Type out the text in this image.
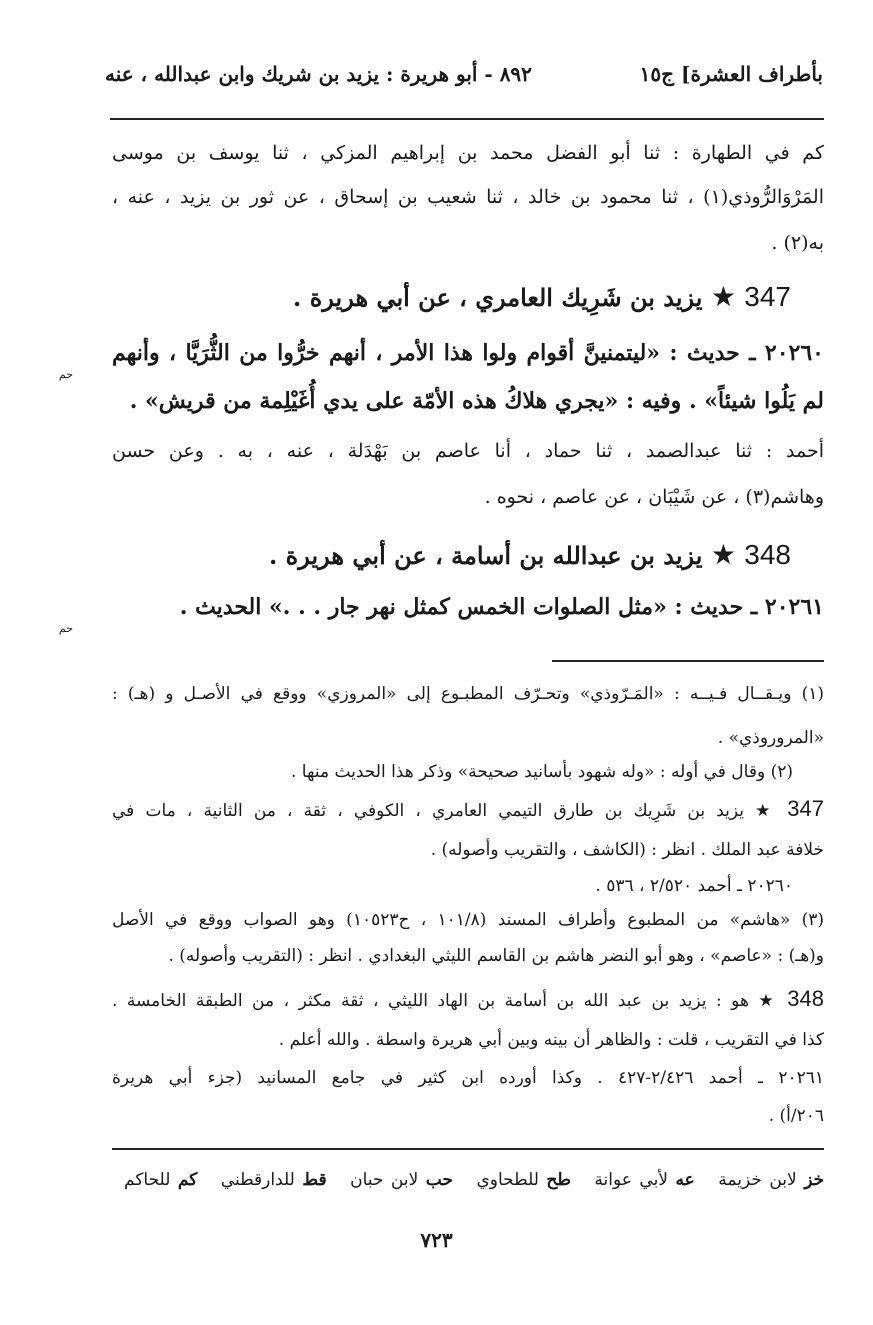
بأطراف العشرة] ج١٥
٨٩٢ - أبو هريرة : يزيد بن شريك وابن عبدالله ، عنه
كم في الطهارة : ثنا أبو الفضل محمد بن إبراهيم المزكي ، ثنا يوسف بن موسى
المَرْوَالرُّوذي(١) ، ثنا محمود بن خالد ، ثنا شعيب بن إسحاق ، عن ثور بن يزيد ، عنه ،
به(٢) .
347 ★ يزيد بن شَرِيك العامري ، عن أبي هريرة .
٢٠٢٦٠ ـ حديث : «ليتمنينَّ أقوام ولوا هذا الأمر ، أنهم خرُّوا من الثُّرَيَّا ، وأنهم
حم
لم يَلُوا شيئاً» . وفيه : «يجري هلاكُ هذه الأمّة على يدي أُغَيْلِمة من قريش» .
أحمد : ثنا عبدالصمد ، ثنا حماد ، أنا عاصم بن بَهْدَلة ، عنه ، به . وعن حسن
وهاشم(٣) ، عن شَيْبَان ، عن عاصم ، نحوه .
348 ★ يزيد بن عبدالله بن أسامة ، عن أبي هريرة .
٢٠٢٦١ ـ حديث : «مثل الصلوات الخمس كمثل نهر جار . . .» الحديث .
حم
(١) ويـقــال فـيــه : «المَـرّوذي» وتحـرّف المطبـوع إلى «المروزي» ووقع في الأصـل و (هـ) :
«المروروذي» .
(٢) وقال في أوله : «وله شهود بأسانيد صحيحة» وذكر هذا الحديث منها .
347 ★ يزيد بن شَرِيك بن طارق التيمي العامري ، الكوفي ، ثقة ، من الثانية ، مات في
خلافة عبد الملك . انظر : (الكاشف ، والتقريب وأصوله) .
٢٠٢٦٠ ـ أحمد ٢/٥٢٠ ، ٥٣٦ .
(٣) «هاشم» من المطبوع وأطراف المسند (١٠١/٨ ، ح١٠٥٢٣) وهو الصواب ووقع في الأصل
و(هـ) : «عاصم» ، وهو أبو النضر هاشم بن القاسم الليثي البغدادي . انظر : (التقريب وأصوله) .
348 ★ هو : يزيد بن عبد الله بن أسامة بن الهاد الليثي ، ثقة مكثر ، من الطبقة الخامسة .
كذا في التقريب ، قلت : والظاهر أن بينه وبين أبي هريرة واسطة . والله أعلم .
٢٠٢٦١ ـ أحمد ٢/٤٢٦-٤٢٧ . وكذا أورده ابن كثير في جامع المسانيد (جزء أبي هريرة
٢٠٦/أ) .
خز لابن خزيمة عه لأبي عوانة طح للطحاوي حب لابن حبان قط للدارقطني كم للحاكم
٧٢٣
